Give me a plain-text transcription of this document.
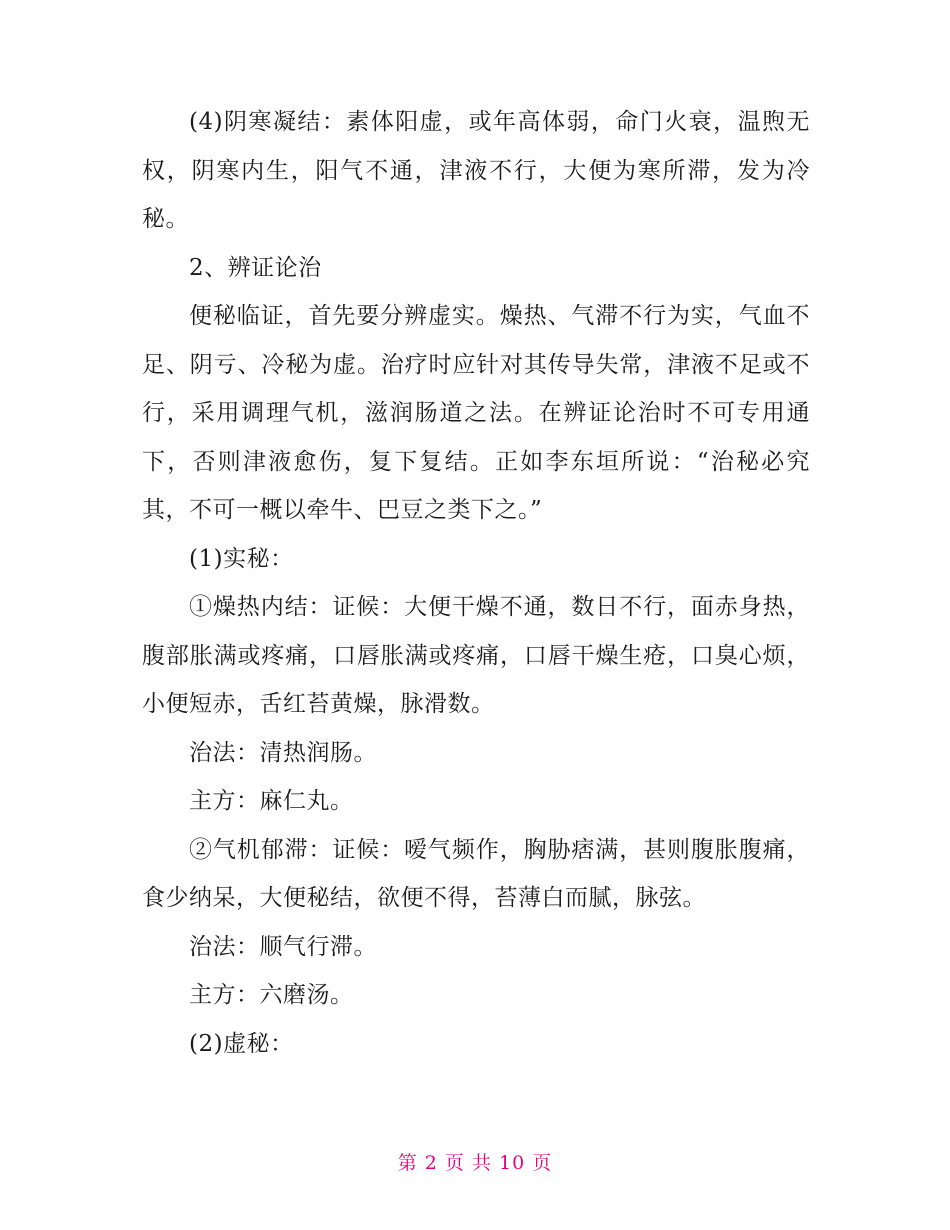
(4)阴寒凝结：素体阳虚，或年高体弱，命门火衰，温煦无权，阴寒内生，阳气不通，津液不行，大便为寒所滞，发为冷秘。

2、辨证论治

便秘临证，首先要分辨虚实。燥热、气滞不行为实，气血不足、阴亏、冷秘为虚。治疗时应针对其传导失常，津液不足或不行，采用调理气机，滋润肠道之法。在辨证论治时不可专用通下，否则津液愈伤，复下复结。正如李东垣所说：“治秘必究其，不可一概以牵牛、巴豆之类下之。”

(1)实秘：

①燥热内结：证候：大便干燥不通，数日不行，面赤身热，腹部胀满或疼痛，口唇胀满或疼痛，口唇干燥生疮，口臭心烦，小便短赤，舌红苔黄燥，脉滑数。

治法：清热润肠。

主方：麻仁丸。

②气机郁滞：证候：嗳气频作，胸胁痞满，甚则腹胀腹痛，食少纳呆，大便秘结，欲便不得，苔薄白而腻，脉弦。

治法：顺气行滞。

主方：六磨汤。

(2)虚秘：

第 2 页 共 10 页
